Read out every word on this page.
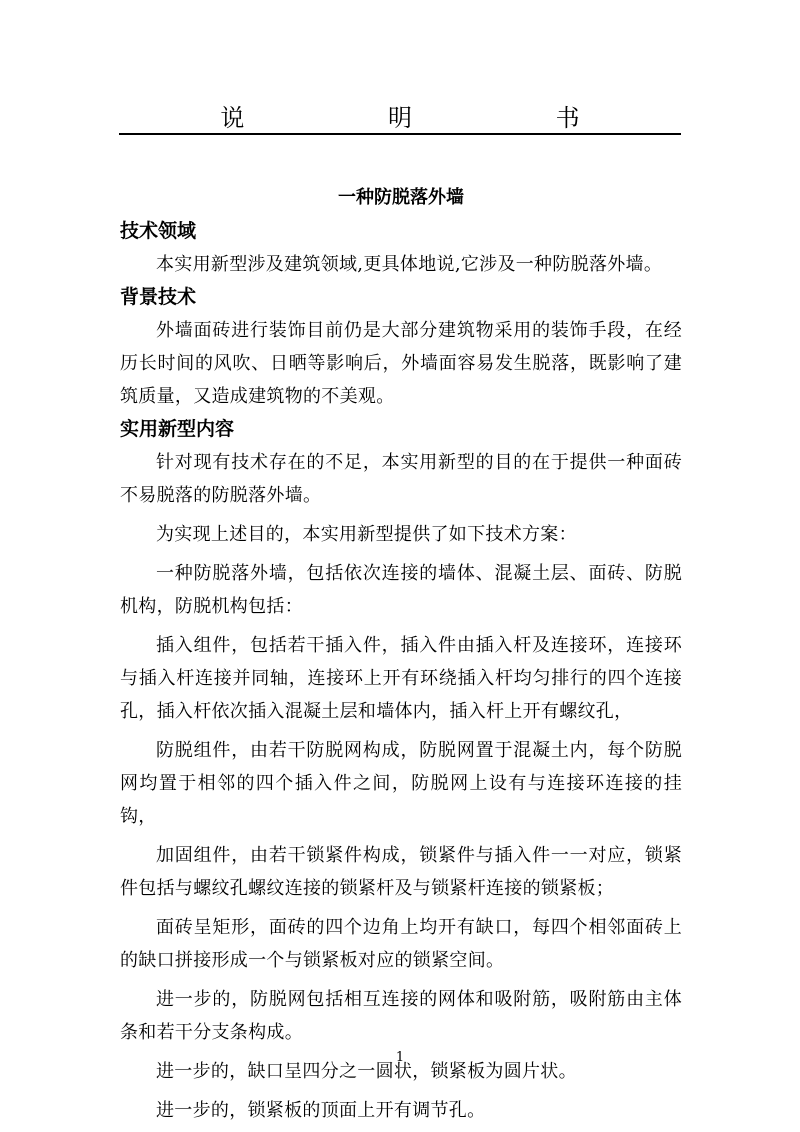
说 明 书
一种防脱落外墙
技术领域

本实用新型涉及建筑领域,更具体地说,它涉及一种防脱落外墙。

背景技术

外墙面砖进行装饰目前仍是大部分建筑物采用的装饰手段，在经历长时间的风吹、日晒等影响后，外墙面容易发生脱落，既影响了建筑质量，又造成建筑物的不美观。

实用新型内容

针对现有技术存在的不足，本实用新型的目的在于提供一种面砖不易脱落的防脱落外墙。

为实现上述目的，本实用新型提供了如下技术方案：

一种防脱落外墙，包括依次连接的墙体、混凝土层、面砖、防脱机构，防脱机构包括：

插入组件，包括若干插入件，插入件由插入杆及连接环，连接环与插入杆连接并同轴，连接环上开有环绕插入杆均匀排行的四个连接孔，插入杆依次插入混凝土层和墙体内，插入杆上开有螺纹孔，

防脱组件，由若干防脱网构成，防脱网置于混凝土内，每个防脱网均置于相邻的四个插入件之间，防脱网上设有与连接环连接的挂钩，

加固组件，由若干锁紧件构成，锁紧件与插入件一一对应，锁紧件包括与螺纹孔螺纹连接的锁紧杆及与锁紧杆连接的锁紧板；

面砖呈矩形，面砖的四个边角上均开有缺口，每四个相邻面砖上的缺口拼接形成一个与锁紧板对应的锁紧空间。

进一步的，防脱网包括相互连接的网体和吸附筋，吸附筋由主体条和若干分支条构成。

进一步的，缺口呈四分之一圆状，锁紧板为圆片状。

进一步的，锁紧板的顶面上开有调节孔。

1
